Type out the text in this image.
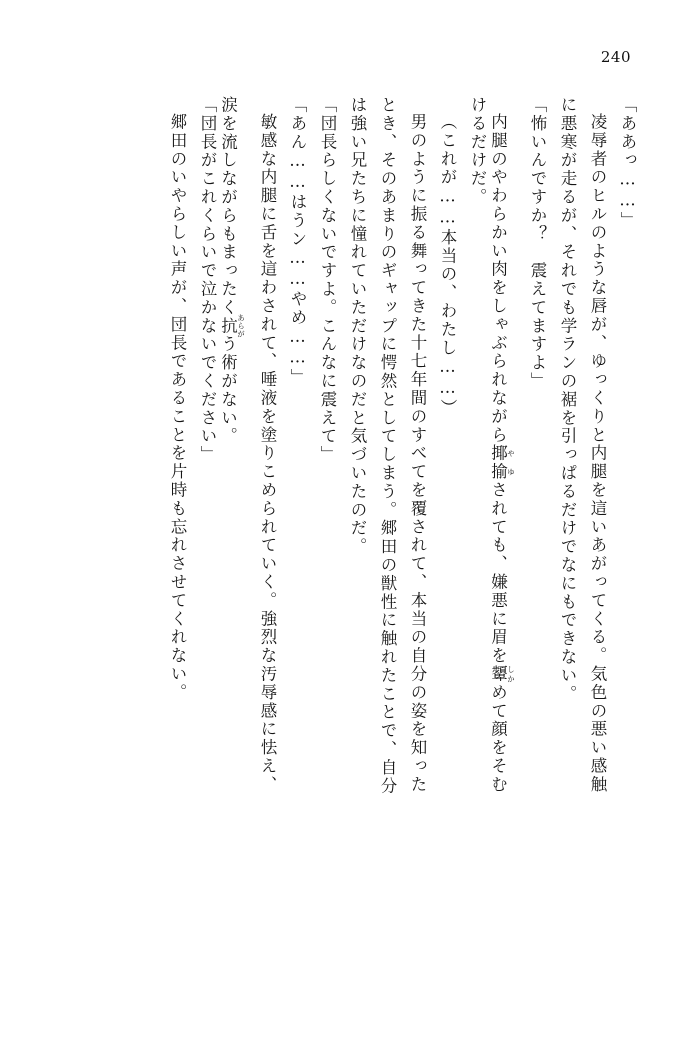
240
「ああっ……」
凌辱者のヒルのような唇が、ゆっくりと内腿を這いあがってくる。気色の悪い感触
に悪寒が走るが、それでも学ランの裾を引っぱるだけでなにもできない。
「怖いんですか？　震えてますよ」
内腿のやわらかい肉をしゃぶられながら揶揄 やゆされても、嫌悪に眉を顰 しかめて顔をそむ
けるだけだ。
（これが……本当の、わたし……）
男のように振る舞ってきた十七年間のすべてを覆されて、本当の自分の姿を知った
とき、そのあまりのギャップに愕然としてしまう。郷田の獣性に触れたことで、自分
は強い兄たちに憧れていただけなのだと気づいたのだ。
「団長らしくないですよ。こんなに震えて」
「あん……はうン……やめ……」
敏感な内腿に舌を這わされて、唾液を塗りこめられていく。強烈な汚辱感に怯え、
涙を流しながらもまったく抗 あらがう術がない。
「団長がこれくらいで泣かないでください」
郷田のいやらしい声が、団長であることを片時も忘れさせてくれない。
